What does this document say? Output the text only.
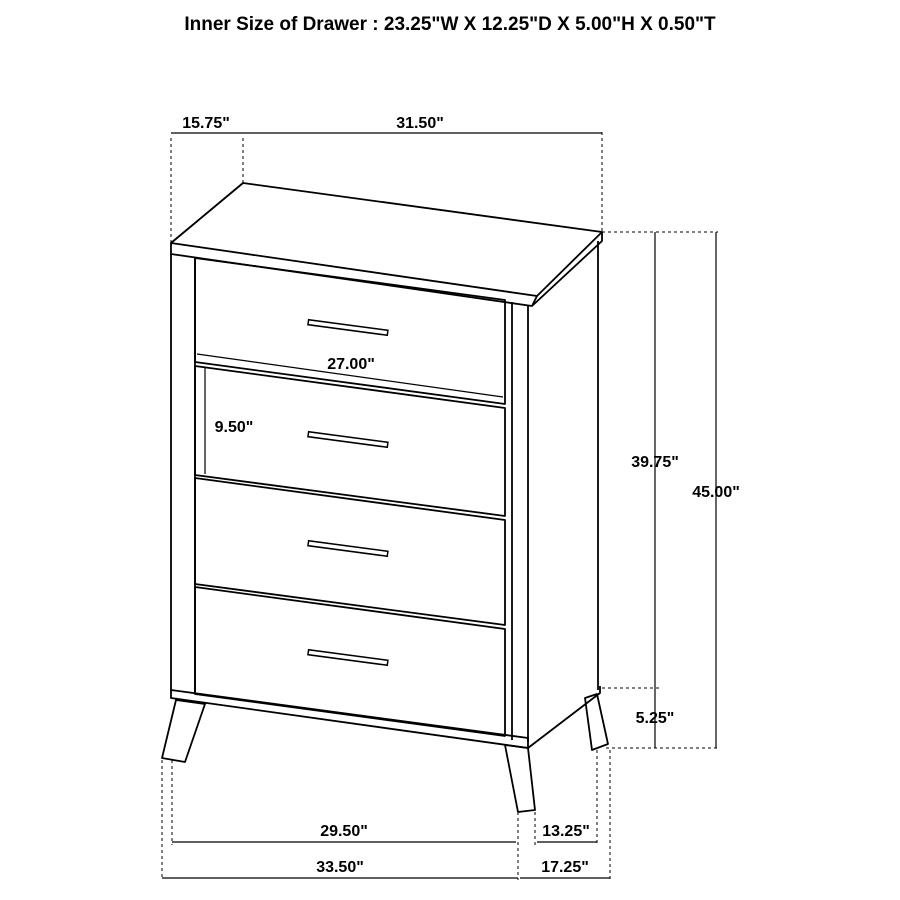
Inner Size of Drawer : 23.25"W X 12.25"D X 5.00"H X 0.50"T
15.75"	31.50"
27.00"
9.50"
39.75"
45.00"
5.25"
29.50"	13.25"
33.50"	17.25"
